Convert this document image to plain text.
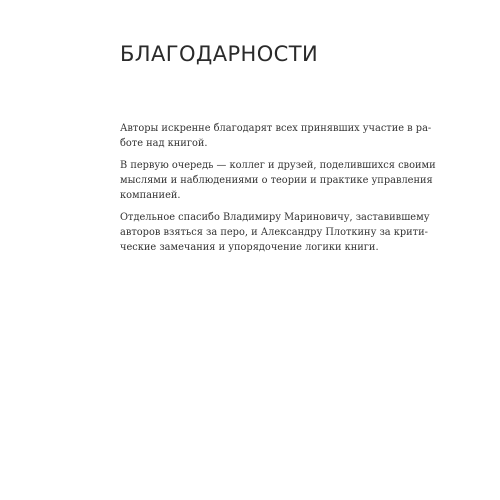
БЛАГОДАРНОСТИ

Авторы искренне благодарят всех принявших участие в ра-
боте над книгой.

В первую очередь — коллег и друзей, поделившихся своими
мыслями и наблюдениями о теории и практике управления
компанией.

Отдельное спасибо Владимиру Мариновичу, заставившему
авторов взяться за перо, и Александру Плоткину за крити-
ческие замечания и упорядочение логики книги.
